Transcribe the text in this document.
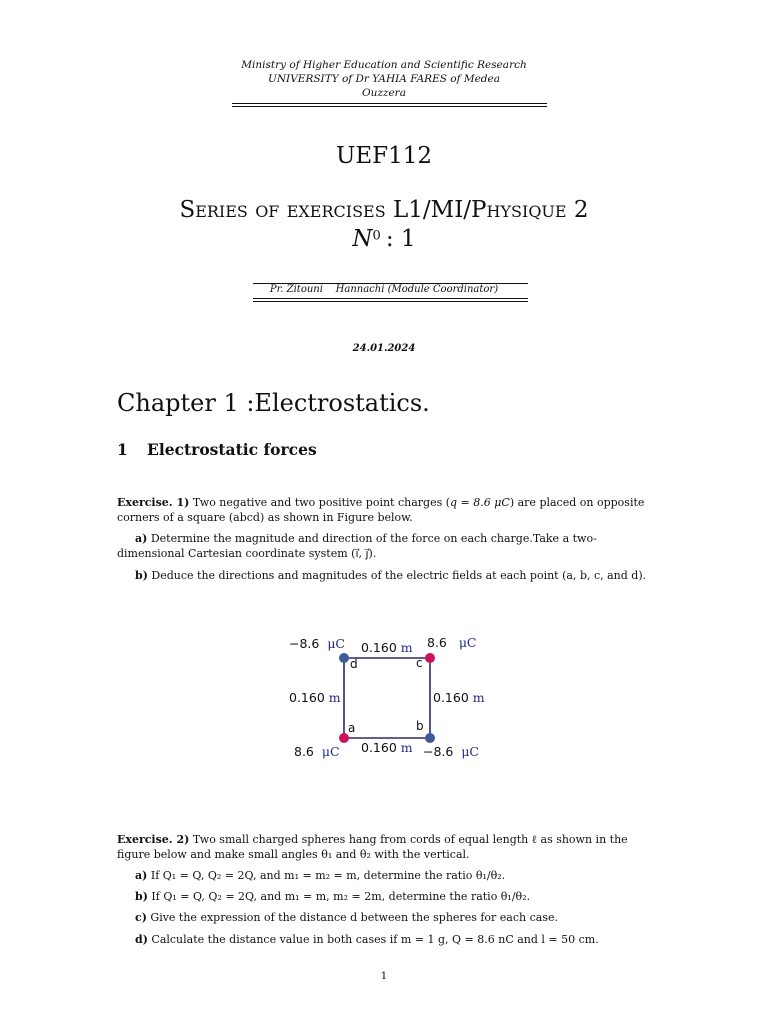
Ministry of Higher Education and Scientific Research
UNIVERSITY of Dr YAHIA FARES of Medea
Ouzzera
UEF112
Series of exercises L1/MI/Physique 2
$N^0$ : 1
Pr. Zitouni Hannachi (Module Coordinator)
24.01.2024
Chapter 1 :Electrostatics.
1 Electrostatic forces
Exercise. 1) Two negative and two positive point charges (q = 8.6 μC) are placed on opposite corners of a square (abcd) as shown in Figure below.
a) Determine the magnitude and direction of the force on each charge.Take a two-dimensional Cartesian coordinate system (i⃗, j⃗).
b) Deduce the directions and magnitudes of the electric fields at each point (a, b, c, and d).
−8.6 μC	8.6 μC
8.6 μC	−8.6 μC
0.160 m
0.160 m
0.160 m	0.160 m
d	c
a	b
Exercise. 2) Two small charged spheres hang from cords of equal length ℓ as shown in the figure below and make small angles θ₁ and θ₂ with the vertical.
a) If Q₁ = Q, Q₂ = 2Q, and m₁ = m₂ = m, determine the ratio θ₁/θ₂.
b) If Q₁ = Q, Q₂ = 2Q, and m₁ = m, m₂ = 2m, determine the ratio θ₁/θ₂.
c) Give the expression of the distance d between the spheres for each case.
d) Calculate the distance value in both cases if m = 1 g, Q = 8.6 nC and l = 50 cm.
1
